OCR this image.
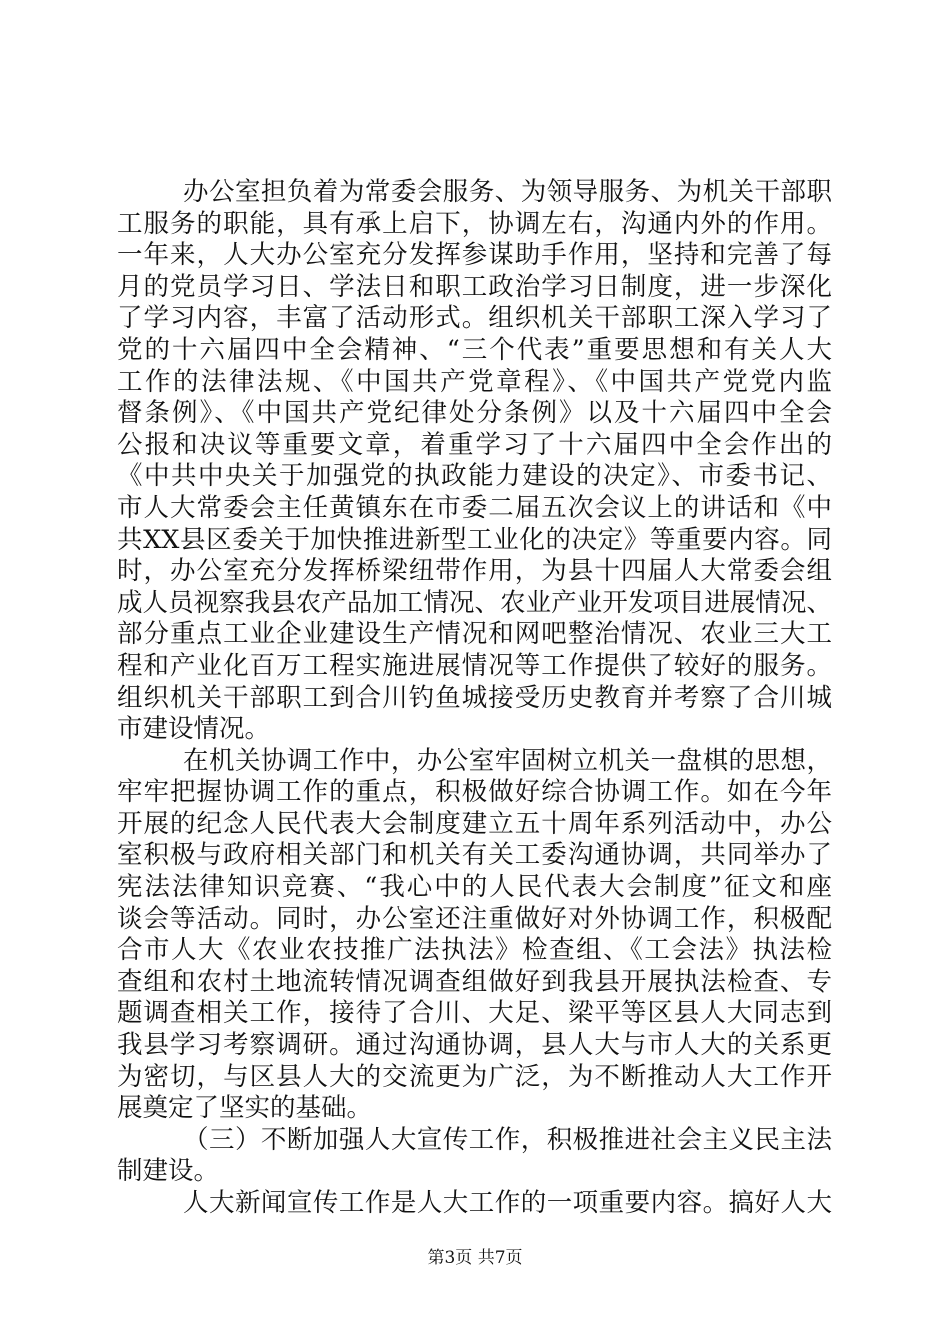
办公室担负着为常委会服务、为领导服务、为机关干部职
工服务的职能，具有承上启下，协调左右，沟通内外的作用。
一年来，人大办公室充分发挥参谋助手作用，坚持和完善了每
月的党员学习日、学法日和职工政治学习日制度，进一步深化
了学习内容，丰富了活动形式。组织机关干部职工深入学习了
党的十六届四中全会精神、“三个代表”重要思想和有关人大
工作的法律法规、《中国共产党章程》、《中国共产党党内监
督条例》、《中国共产党纪律处分条例》以及十六届四中全会
公报和决议等重要文章，着重学习了十六届四中全会作出的
《中共中央关于加强党的执政能力建设的决定》、市委书记、
市人大常委会主任黄镇东在市委二届五次会议上的讲话和《中
共XX县区委关于加快推进新型工业化的决定》等重要内容。同
时，办公室充分发挥桥梁纽带作用，为县十四届人大常委会组
成人员视察我县农产品加工情况、农业产业开发项目进展情况、
部分重点工业企业建设生产情况和网吧整治情况、农业三大工
程和产业化百万工程实施进展情况等工作提供了较好的服务。
组织机关干部职工到合川钓鱼城接受历史教育并考察了合川城
市建设情况。
在机关协调工作中，办公室牢固树立机关一盘棋的思想，
牢牢把握协调工作的重点，积极做好综合协调工作。如在今年
开展的纪念人民代表大会制度建立五十周年系列活动中，办公
室积极与政府相关部门和机关有关工委沟通协调，共同举办了
宪法法律知识竞赛、“我心中的人民代表大会制度”征文和座
谈会等活动。同时，办公室还注重做好对外协调工作，积极配
合市人大《农业农技推广法执法》检查组、《工会法》执法检
查组和农村土地流转情况调查组做好到我县开展执法检查、专
题调查相关工作，接待了合川、大足、梁平等区县人大同志到
我县学习考察调研。通过沟通协调，县人大与市人大的关系更
为密切，与区县人大的交流更为广泛，为不断推动人大工作开
展奠定了坚实的基础。
（三）不断加强人大宣传工作，积极推进社会主义民主法
制建设。
人大新闻宣传工作是人大工作的一项重要内容。搞好人大
第3页 共7页
